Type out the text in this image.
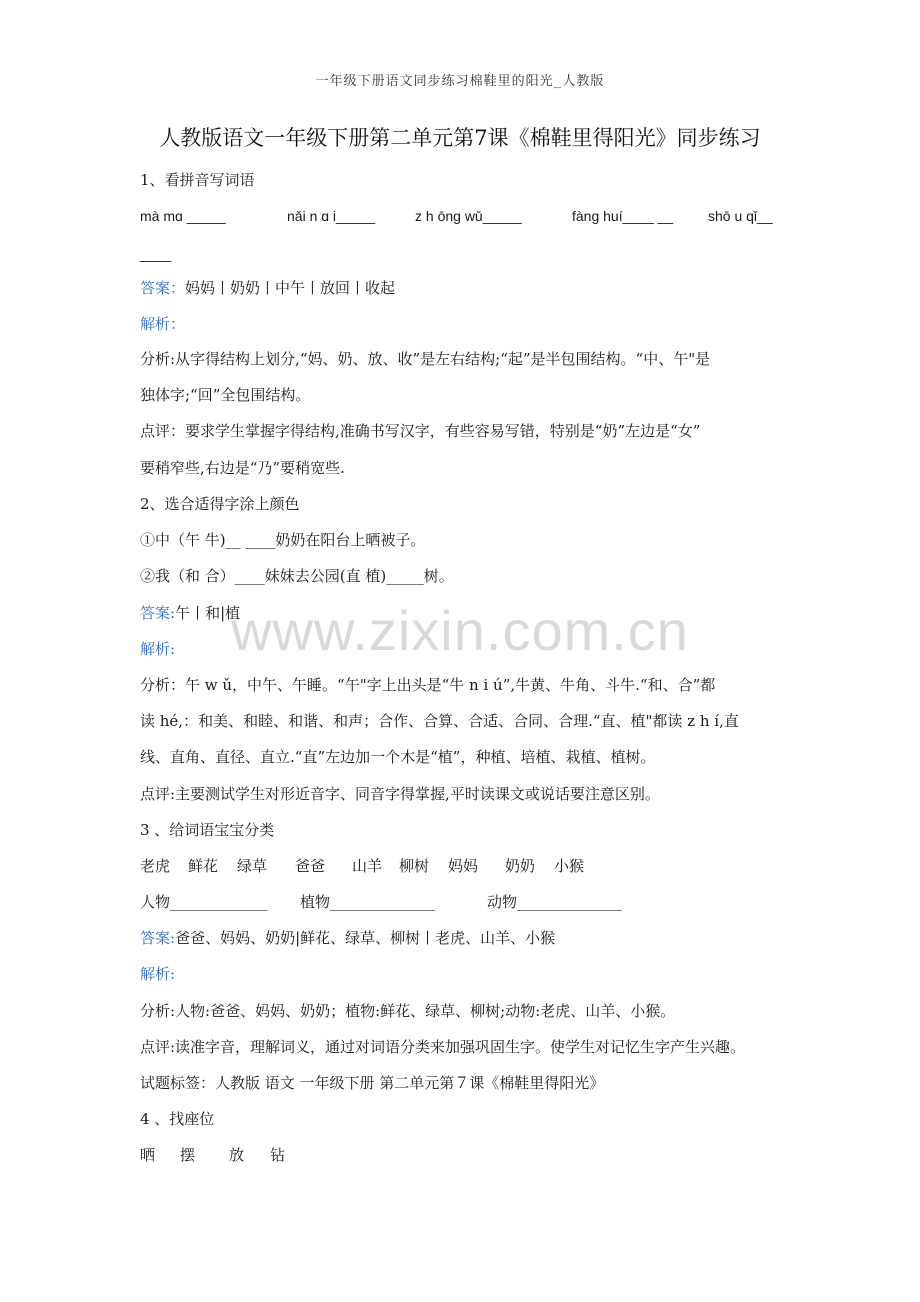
一年级下册语文同步练习棉鞋里的阳光_人教版
人教版语文一年级下册第二单元第7课《棉鞋里得阳光》同步练习
1、看拼音写词语
mà mɑ _____	nǎi n ɑ i_____	z h ōng wǔ_____	fàng huí____ __ shō u qǐ__
____
答案：妈妈丨奶奶丨中午丨放回丨收起
解析：
分析:从字得结构上划分,“妈、奶、放、收”是左右结构;“起”是半包围结构。“中、午"是
独体字;“回”全包围结构。
点评：要求学生掌握字得结构,准确书写汉字，有些容易写错，特别是“奶”左边是“女”
要稍窄些,右边是“乃”要稍宽些.
2、选合适得字涂上颜色
①中（午 牛)__ ____奶奶在阳台上晒被子。
②我（和 合）____妹妹去公园(直 植)_____树。
答案:午丨和|植
www.zixin.com.cn
解析:
分析：午 w ǔ，中午、午睡。“午"字上出头是“牛 n i ú”,牛黄、牛角、斗牛.“和、合”都
读 hé,：和美、和睦、和谐、和声；合作、合算、合适、合同、合理.“直、植"都读 z h í,直
线、直角、直径、直立.“直”左边加一个木是“植”，种植、培植、栽植、植树。
点评:主要测试学生对形近音字、同音字得掌握,平时读课文或说话要注意区别。
3 、给词语宝宝分类
老虎 鲜花 绿草 爸爸 山羊 柳树 妈妈 奶奶 小猴
人物_____________ 植物______________	动物______________
答案:爸爸、妈妈、奶奶|鲜花、绿草、柳树丨老虎、山羊、小猴
解析:
分析:人物:爸爸、妈妈、奶奶；植物:鲜花、绿草、柳树;动物:老虎、山羊、小猴。
点评:读准字音，理解词义，通过对词语分类来加强巩固生字。使学生对记忆生字产生兴趣。
试题标签：人教版 语文 一年级下册 第二单元第７课《棉鞋里得阳光》
4 、找座位
晒 摆 放 钻
